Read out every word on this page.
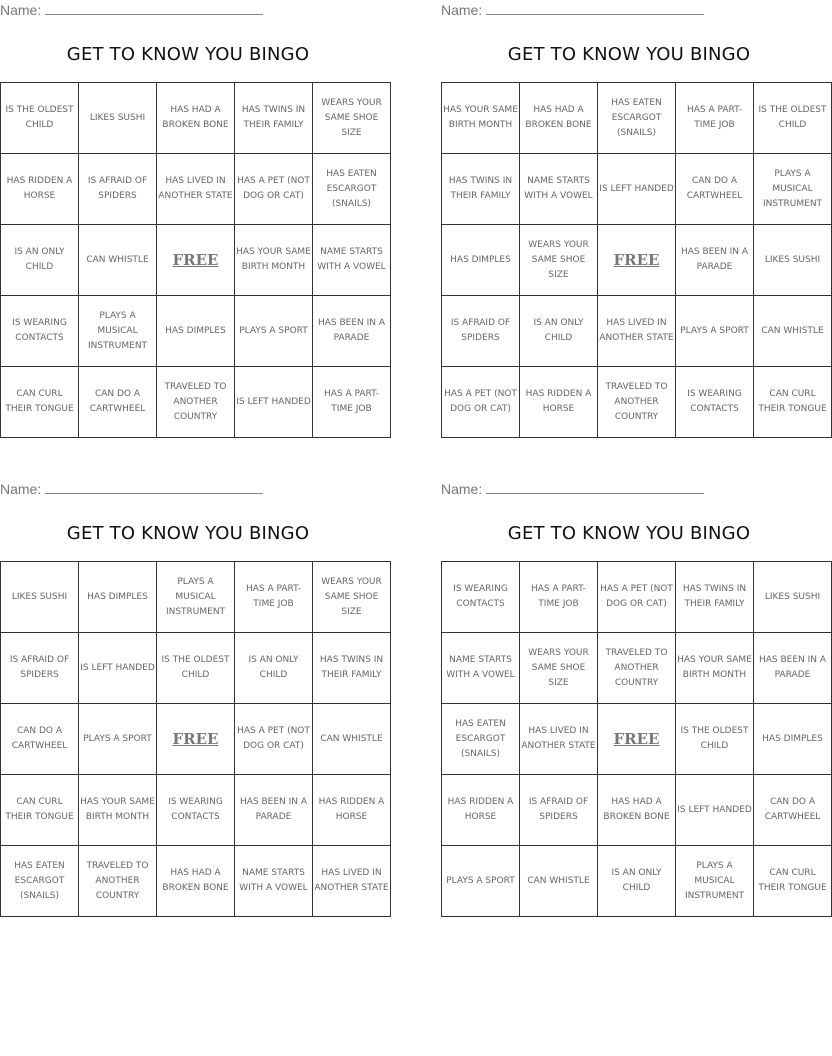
Name:
GET TO KNOW YOU BINGO
IS THE OLDEST CHILD	LIKES SUSHI	HAS HAD A BROKEN BONE	HAS TWINS IN THEIR FAMILY	WEARS YOUR SAME SHOE SIZE
HAS RIDDEN A HORSE	IS AFRAID OF SPIDERS	HAS LIVED IN ANOTHER STATE	HAS A PET (NOT DOG OR CAT)	HAS EATEN ESCARGOT (SNAILS)
IS AN ONLY CHILD	CAN WHISTLE	FREE	HAS YOUR SAME BIRTH MONTH	NAME STARTS WITH A VOWEL
IS WEARING CONTACTS	PLAYS A MUSICAL INSTRUMENT	HAS DIMPLES	PLAYS A SPORT	HAS BEEN IN A PARADE
CAN CURL THEIR TONGUE	CAN DO A CARTWHEEL	TRAVELED TO ANOTHER COUNTRY	IS LEFT HANDED	HAS A PART-TIME JOB
Name:
GET TO KNOW YOU BINGO
HAS YOUR SAME BIRTH MONTH	HAS HAD A BROKEN BONE	HAS EATEN ESCARGOT (SNAILS)	HAS A PART-TIME JOB	IS THE OLDEST CHILD
HAS TWINS IN THEIR FAMILY	NAME STARTS WITH A VOWEL	IS LEFT HANDED	CAN DO A CARTWHEEL	PLAYS A MUSICAL INSTRUMENT
HAS DIMPLES	WEARS YOUR SAME SHOE SIZE	FREE	HAS BEEN IN A PARADE	LIKES SUSHI
IS AFRAID OF SPIDERS	IS AN ONLY CHILD	HAS LIVED IN ANOTHER STATE	PLAYS A SPORT	CAN WHISTLE
HAS A PET (NOT DOG OR CAT)	HAS RIDDEN A HORSE	TRAVELED TO ANOTHER COUNTRY	IS WEARING CONTACTS	CAN CURL THEIR TONGUE
Name:
GET TO KNOW YOU BINGO
LIKES SUSHI	HAS DIMPLES	PLAYS A MUSICAL INSTRUMENT	HAS A PART-TIME JOB	WEARS YOUR SAME SHOE SIZE
IS AFRAID OF SPIDERS	IS LEFT HANDED	IS THE OLDEST CHILD	IS AN ONLY CHILD	HAS TWINS IN THEIR FAMILY
CAN DO A CARTWHEEL	PLAYS A SPORT	FREE	HAS A PET (NOT DOG OR CAT)	CAN WHISTLE
CAN CURL THEIR TONGUE	HAS YOUR SAME BIRTH MONTH	IS WEARING CONTACTS	HAS BEEN IN A PARADE	HAS RIDDEN A HORSE
HAS EATEN ESCARGOT (SNAILS)	TRAVELED TO ANOTHER COUNTRY	HAS HAD A BROKEN BONE	NAME STARTS WITH A VOWEL	HAS LIVED IN ANOTHER STATE
Name:
GET TO KNOW YOU BINGO
IS WEARING CONTACTS	HAS A PART-TIME JOB	HAS A PET (NOT DOG OR CAT)	HAS TWINS IN THEIR FAMILY	LIKES SUSHI
NAME STARTS WITH A VOWEL	WEARS YOUR SAME SHOE SIZE	TRAVELED TO ANOTHER COUNTRY	HAS YOUR SAME BIRTH MONTH	HAS BEEN IN A PARADE
HAS EATEN ESCARGOT (SNAILS)	HAS LIVED IN ANOTHER STATE	FREE	IS THE OLDEST CHILD	HAS DIMPLES
HAS RIDDEN A HORSE	IS AFRAID OF SPIDERS	HAS HAD A BROKEN BONE	IS LEFT HANDED	CAN DO A CARTWHEEL
PLAYS A SPORT	CAN WHISTLE	IS AN ONLY CHILD	PLAYS A MUSICAL INSTRUMENT	CAN CURL THEIR TONGUE
